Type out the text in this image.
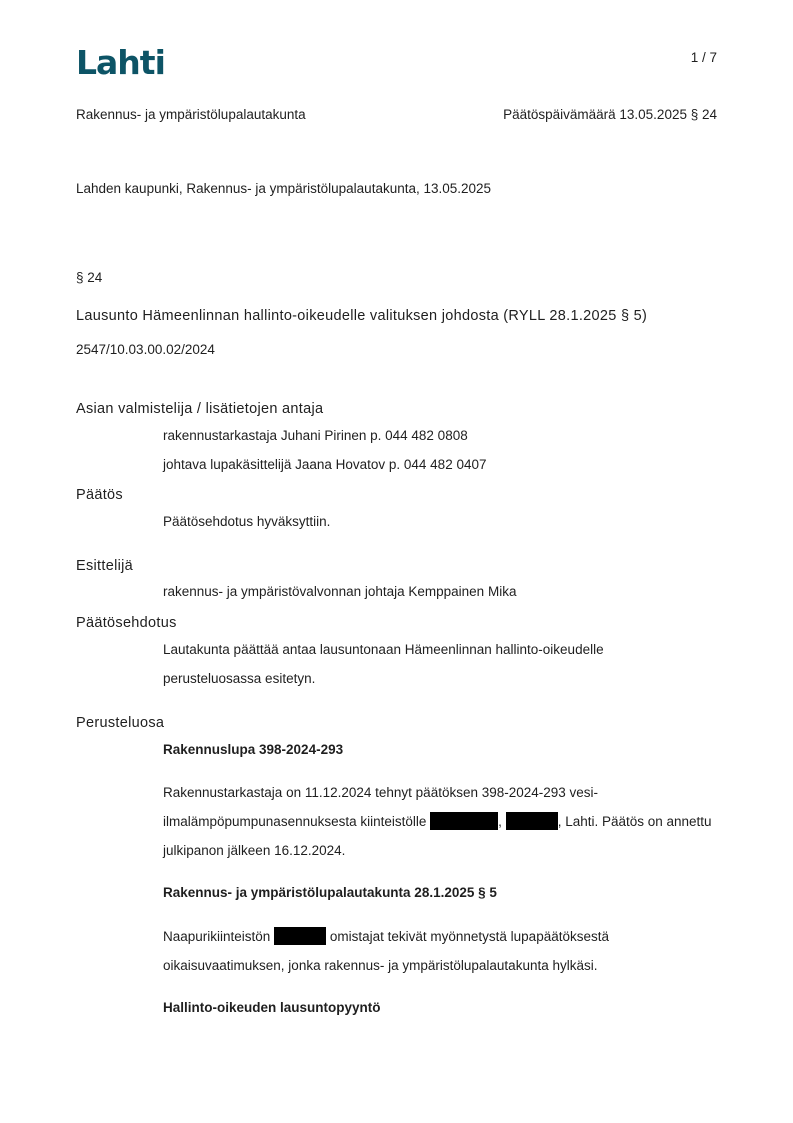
Lahti	1 / 7
Rakennus- ja ympäristölupalautakunta	Päätöspäivämäärä 13.05.2025 § 24
Lahden kaupunki, Rakennus- ja ympäristölupalautakunta, 13.05.2025
§ 24
Lausunto Hämeenlinnan hallinto-oikeudelle valituksen johdosta (RYLL 28.1.2025 § 5)
2547/10.03.00.02/2024
Asian valmistelija / lisätietojen antaja
rakennustarkastaja Juhani Pirinen p. 044 482 0808
johtava lupakäsittelijä Jaana Hovatov p. 044 482 0407
Päätös
Päätösehdotus hyväksyttiin.
Esittelijä
rakennus- ja ympäristövalvonnan johtaja Kemppainen Mika
Päätösehdotus
Lautakunta päättää antaa lausuntonaan Hämeenlinnan hallinto-oikeudelle perusteluosassa esitetyn.
Perusteluosa
Rakennuslupa 398-2024-293
Rakennustarkastaja on 11.12.2024 tehnyt päätöksen 398-2024-293 vesi-ilmalämpöpumpunasennuksesta kiinteistölle	,	, Lahti. Päätös on annettu julkipanon jälkeen 16.12.2024.
Rakennus- ja ympäristölupalautakunta 28.1.2025 § 5
Naapurikiinteistön	omistajat tekivät myönnetystä lupapäätöksestä oikaisuvaatimuksen, jonka rakennus- ja ympäristölupalautakunta hylkäsi.
Hallinto-oikeuden lausuntopyyntö
